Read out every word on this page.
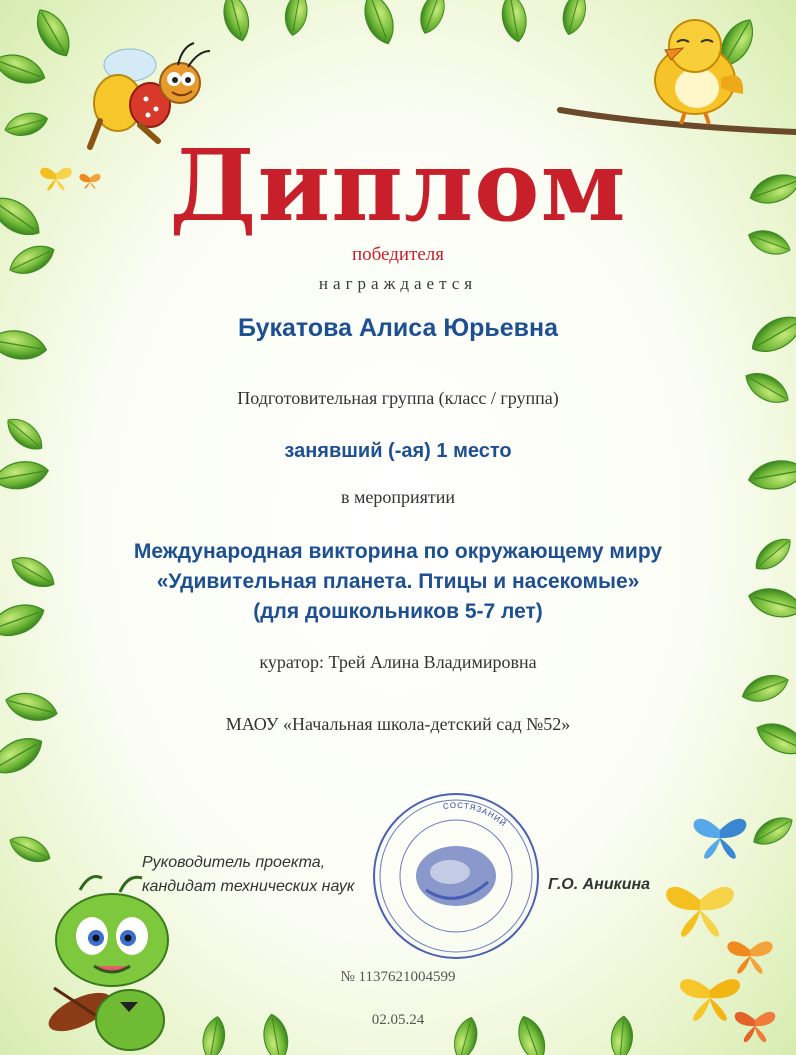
Диплом

победителя

награждается

Букатова Алиса Юрьевна

Подготовительная группа (класс / группа)

занявший (-ая) 1 место

в мероприятии

Международная викторина по окружающему миру
«Удивительная планета. Птицы и насекомые»
(для дошкольников 5-7 лет)

куратор: Трей Алина Владимировна

МАОУ «Начальная школа-детский сад №52»

СОСТЯЗАНИЙ
Руководитель проекта,
кандидат технических наук	Г.О. Аникина

№ 1137621004599

02.05.24
